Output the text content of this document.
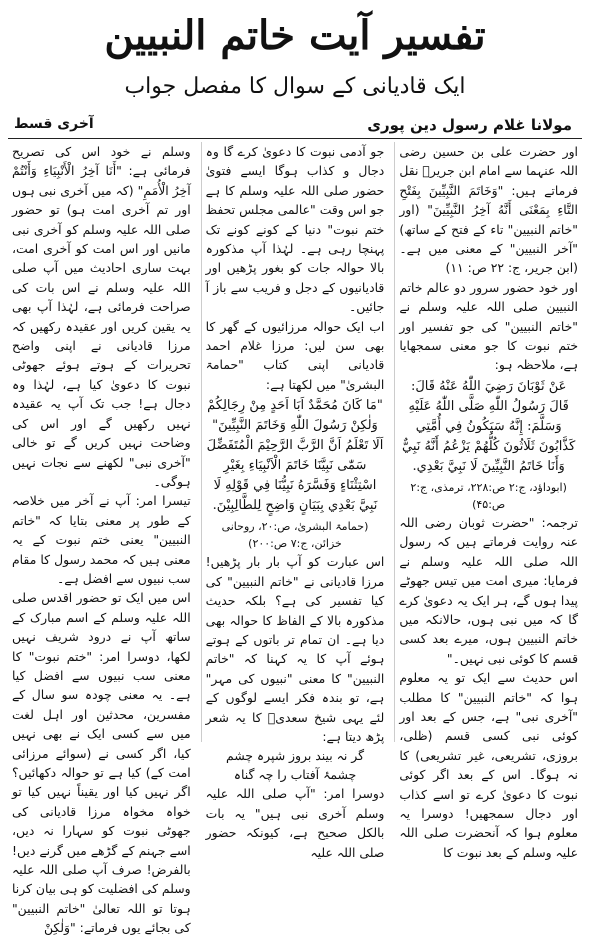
تفسیر آیت خاتم النبیین
ایک قادیانی کے سوال کا مفصل جواب
مولانا غلام رسول دین پوری
آخری قسط

اور حضرت علی بن حسین رضی اللہ عنہما سے امام ابن جریرؒ نقل فرماتے ہیں: "وَخَاتَمَ النَّبِيِّينَ بِفَتْحِ التَّاءِ بِمَعْنَى أَنَّهُ آخِرُ النَّبِيِّينَ" (اور "خاتم النبیین" تاء کے فتح کے ساتھ) "آخر النبیین" کے معنی میں ہے۔ (ابن جریر، ج: ۲۲ ص: ۱۱)

اور خود حضور سرور دو عالم خاتم النبیین صلی اللہ علیہ وسلم نے "خاتم النبیین" کی جو تفسیر اور ختم نبوت کا جو معنی سمجھایا ہے، ملاحظہ ہو:

عَنْ ثَوْبَانَ رَضِيَ اللّٰهُ عَنْهُ قَالَ: قَالَ رَسُولُ اللّٰهِ صَلَّى اللّٰهُ عَلَيْهِ وَسَلَّمَ: إِنَّهُ سَيَكُونُ فِي أُمَّتِي كَذَّابُونَ ثَلَاثُونَ كُلُّهُمْ يَزْعُمُ أَنَّهُ نَبِيٌّ وَأَنَا خَاتَمُ النَّبِيِّينَ لَا نَبِيَّ بَعْدِي.
(ابوداؤد، ج:۲ ص:۲۲۸، ترمذی، ج:۲ ص:۴۵)

ترجمہ: "حضرت ثوبان رضی اللہ عنہ روایت فرماتے ہیں کہ رسول اللہ صلی اللہ علیہ وسلم نے فرمایا: میری امت میں تیس جھوٹے پیدا ہوں گے، ہر ایک یہ دعویٰ کرے گا کہ میں نبی ہوں، حالانکہ میں خاتم النبیین ہوں، میرے بعد کسی قسم کا کوئی نبی نہیں۔"

اس حدیث سے ایک تو یہ معلوم ہوا کہ "خاتم النبیین" کا مطلب "آخری نبی" ہے، جس کے بعد اور کوئی نبی کسی قسم (ظلی، بروزی، تشریعی، غیر تشریعی) کا نہ ہوگا۔ اس کے بعد اگر کوئی نبوت کا دعویٰ کرے تو اسے کذاب اور دجال سمجھیں! دوسرا یہ معلوم ہوا کہ آنحضرت صلی اللہ علیہ وسلم کے بعد نبوت کا

جو آدمی نبوت کا دعویٰ کرے گا وہ دجال و کذاب ہوگا ایسے فتویٰ حضور صلی اللہ علیہ وسلم کا ہے جو اس وقت "عالمی مجلس تحفظ ختم نبوت" دنیا کے کونے کونے تک پہنچا رہی ہے۔ لہٰذا آپ مذکورہ بالا حوالہ جات کو بغور پڑھیں اور قادیانیوں کے دجل و فریب سے باز آ جائیں۔

اب ایک حوالہ مرزائیوں کے گھر کا بھی سن لیں: مرزا غلام احمد قادیانی اپنی کتاب "حمامۃ البشریٰ" میں لکھتا ہے:

"مَا كَانَ مُحَمَّدٌ اَبَا اَحَدٍ مِنْ رِجَالِكُمْ وَلٰكِنْ رَسُولَ اللّٰهِ وَخَاتَمَ النَّبِيِّينَ" اَلَا تَعْلَمُ اَنَّ الرَّبَّ الرَّحِيْمَ الْمُتَفَضِّلَ سَمّٰى نَبِيَّنَا خَاتَمَ الْاَنْبِيَاءِ بِغَيْرِ اسْتِثْنَاءٍ وَفَسَّرَهُ نَبِيُّنَا فِي قَوْلِهِ لَا نَبِيَّ بَعْدِي بِبَيَانٍ وَاضِحٍ لِلطَّالِبِيْنَ.
(حمامۃ البشریٰ، ص:۲۰، روحانی خزائن، ج:۷ ص:۲۰۰)

اس عبارت کو آپ بار بار پڑھیں! مرزا قادیانی نے "خاتم النبیین" کی کیا تفسیر کی ہے؟ بلکہ حدیث مذکورہ بالا کے الفاظ کا حوالہ بھی دیا ہے۔ ان تمام تر باتوں کے ہوتے ہوئے آپ کا یہ کہنا کہ "خاتم النبیین" کا معنی "نبیوں کی مہر" ہے، تو بندہ فکر ایسے لوگوں کے لئے یہی شیخ سعدیؒ کا یہ شعر پڑھ دیتا ہے:

گر نہ بیند بروز شپرہ چشم
چشمۂ آفتاب را چہ گناہ

دوسرا امر: "آپ صلی اللہ علیہ وسلم آخری نبی ہیں" یہ بات بالکل صحیح ہے، کیونکہ حضور صلی اللہ علیہ

وسلم نے خود اس کی تصریح فرمائی ہے: "أَنَا آخِرُ الْأَنْبِيَاءِ وَأَنْتُمْ آخِرُ الْأُمَمِ" (کہ میں آخری نبی ہوں اور تم آخری امت ہو) تو حضور صلی اللہ علیہ وسلم کو آخری نبی مانیں اور اس امت کو آخری امت، بہت ساری احادیث میں آپ صلی اللہ علیہ وسلم نے اس بات کی صراحت فرمائی ہے، لہٰذا آپ بھی یہ یقین کریں اور عقیدہ رکھیں کہ مرزا قادیانی نے اپنی واضح تحریرات کے ہوتے ہوئے جھوٹی نبوت کا دعویٰ کیا ہے، لہٰذا وہ دجال ہے! جب تک آپ یہ عقیدہ نہیں رکھیں گے اور اس کی وضاحت نہیں کریں گے تو خالی "آخری نبی" لکھنے سے نجات نہیں ہوگی۔

تیسرا امر: آپ نے آخر میں خلاصہ کے طور پر معنی بتایا کہ "خاتم النبیین" یعنی ختم نبوت کے یہ معنی ہیں کہ محمد رسول کا مقام سب نبیوں سے افضل ہے۔

اس میں ایک تو حضور اقدس صلی اللہ علیہ وسلم کے اسم مبارک کے ساتھ آپ نے درود شریف نہیں لکھا، دوسرا امر: "ختم نبوت" کا معنی سب نبیوں سے افضل کیا ہے۔ یہ معنی چودہ سو سال کے مفسرین، محدثین اور اہل لغت میں سے کسی ایک نے بھی نہیں کیا، اگر کسی نے (سوائے مرزائی امت کے) کیا ہے تو حوالہ دکھائیں؟ اگر نہیں کیا اور یقیناً نہیں کیا تو خواہ مخواہ مرزا قادیانی کی جھوٹی نبوت کو سہارا نہ دیں، اسے جہنم کے گڑھے میں گرنے دیں! بالفرض! صرف آپ صلی اللہ علیہ وسلم کی افضلیت کو ہی بیان کرنا ہوتا تو اللہ تعالیٰ "خاتم النبیین" کی بجائے یوں فرماتے: "وَلٰكِنْ
